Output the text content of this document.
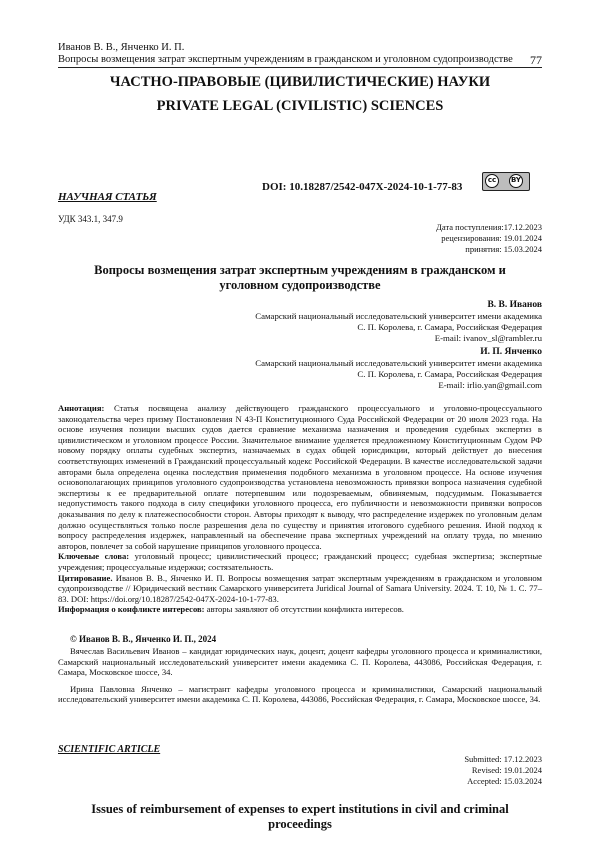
Иванов В. В., Янченко И. П.
Вопросы возмещения затрат экспертным учреждениям в гражданском и уголовном судопроизводстве	77
ЧАСТНО-ПРАВОВЫЕ (ЦИВИЛИСТИЧЕСКИЕ) НАУКИ
PRIVATE LEGAL (CIVILISTIC) SCIENCES
DOI: 10.18287/2542-047X-2024-10-1-77-83
cc	BY
НАУЧНАЯ СТАТЬЯ
УДК 343.1, 347.9
Дата поступления:17.12.2023
рецензирования: 19.01.2024
принятия: 15.03.2024
Вопросы возмещения затрат экспертным учреждениям в гражданском и уголовном судопроизводстве
В. В. Иванов
Самарский национальный исследовательский университет имени академика
С. П. Королева, г. Самара, Российская Федерация
E-mail: ivanov_sl@rambler.ru
И. П. Янченко
Самарский национальный исследовательский университет имени академика
С. П. Королева, г. Самара, Российская Федерация
E-mail: irlio.yan@gmail.com

Аннотация: Статья посвящена анализу действующего гражданского процессуального и уголовно-процессуального законодательства через призму Постановления N 43-П Конституционного Суда Российской Федерации от 20 июля 2023 года. На основе изучения позиции высших судов дается сравнение механизма назначения и проведения судебных экспертиз в цивилистическом и уголовном процессе России. Значительное внимание уделяется предложенному Конституционным Судом РФ новому порядку оплаты судебных экспертиз, назначаемых в судах общей юрисдикции, который действует до внесения соответствующих изменений в Гражданский процессуальный кодекс Российской Федерации. В качестве исследовательской задачи авторами была определена оценка последствия применения подобного механизма в уголовном процессе. На основе изучения основополагающих принципов уголовного судопроизводства установлена невозможность привязки вопроса назначения судебной экспертизы к ее предварительной оплате потерпевшим или подозреваемым, обвиняемым, подсудимым. Показывается недопустимость такого подхода в силу специфики уголовного процесса, его публичности и невозможности привязки вопросов доказывания по делу к платежеспособности сторон. Авторы приходят к выводу, что распределение издержек по уголовным делам должно осуществляться только после разрешения дела по существу и принятия итогового судебного решения. Иной подход к вопросу распределения издержек, направленный на обеспечение права экспертных учреждений на оплату труда, по мнению авторов, повлечет за собой нарушение принципов уголовного процесса.

Ключевые слова: уголовный процесс; цивилистический процесс; гражданский процесс; судебная экспертиза; экспертные учреждения; процессуальные издержки; состязательность.

Цитирование. Иванов В. В., Янченко И. П. Вопросы возмещения затрат экспертным учреждениям в гражданском и уголовном судопроизводстве // Юридический вестник Самарского университета Juridical Journal of Samara University. 2024. Т. 10, № 1. С. 77–83. DOI: https://doi.org/10.18287/2542-047X-2024-10-1-77-83.

Информация о конфликте интересов: авторы заявляют об отсутствии конфликта интересов.

© Иванов В. В., Янченко И. П., 2024

Вячеслав Васильевич Иванов – кандидат юридических наук, доцент, доцент кафедры уголовного процесса и криминалистики, Самарский национальный исследовательский университет имени академика С. П. Королева, 443086, Российская Федерация, г. Самара, Московское шоссе, 34.

Ирина Павловна Янченко – магистрант кафедры уголовного процесса и криминалистики, Самарский национальный исследовательский университет имени академика С. П. Королева, 443086, Российская Федерация, г. Самара, Московское шоссе, 34.

SCIENTIFIC ARTICLE
Submitted: 17.12.2023
Revised: 19.01.2024
Accepted: 15.03.2024
Issues of reimbursement of expenses to expert institutions in civil and criminal proceedings
